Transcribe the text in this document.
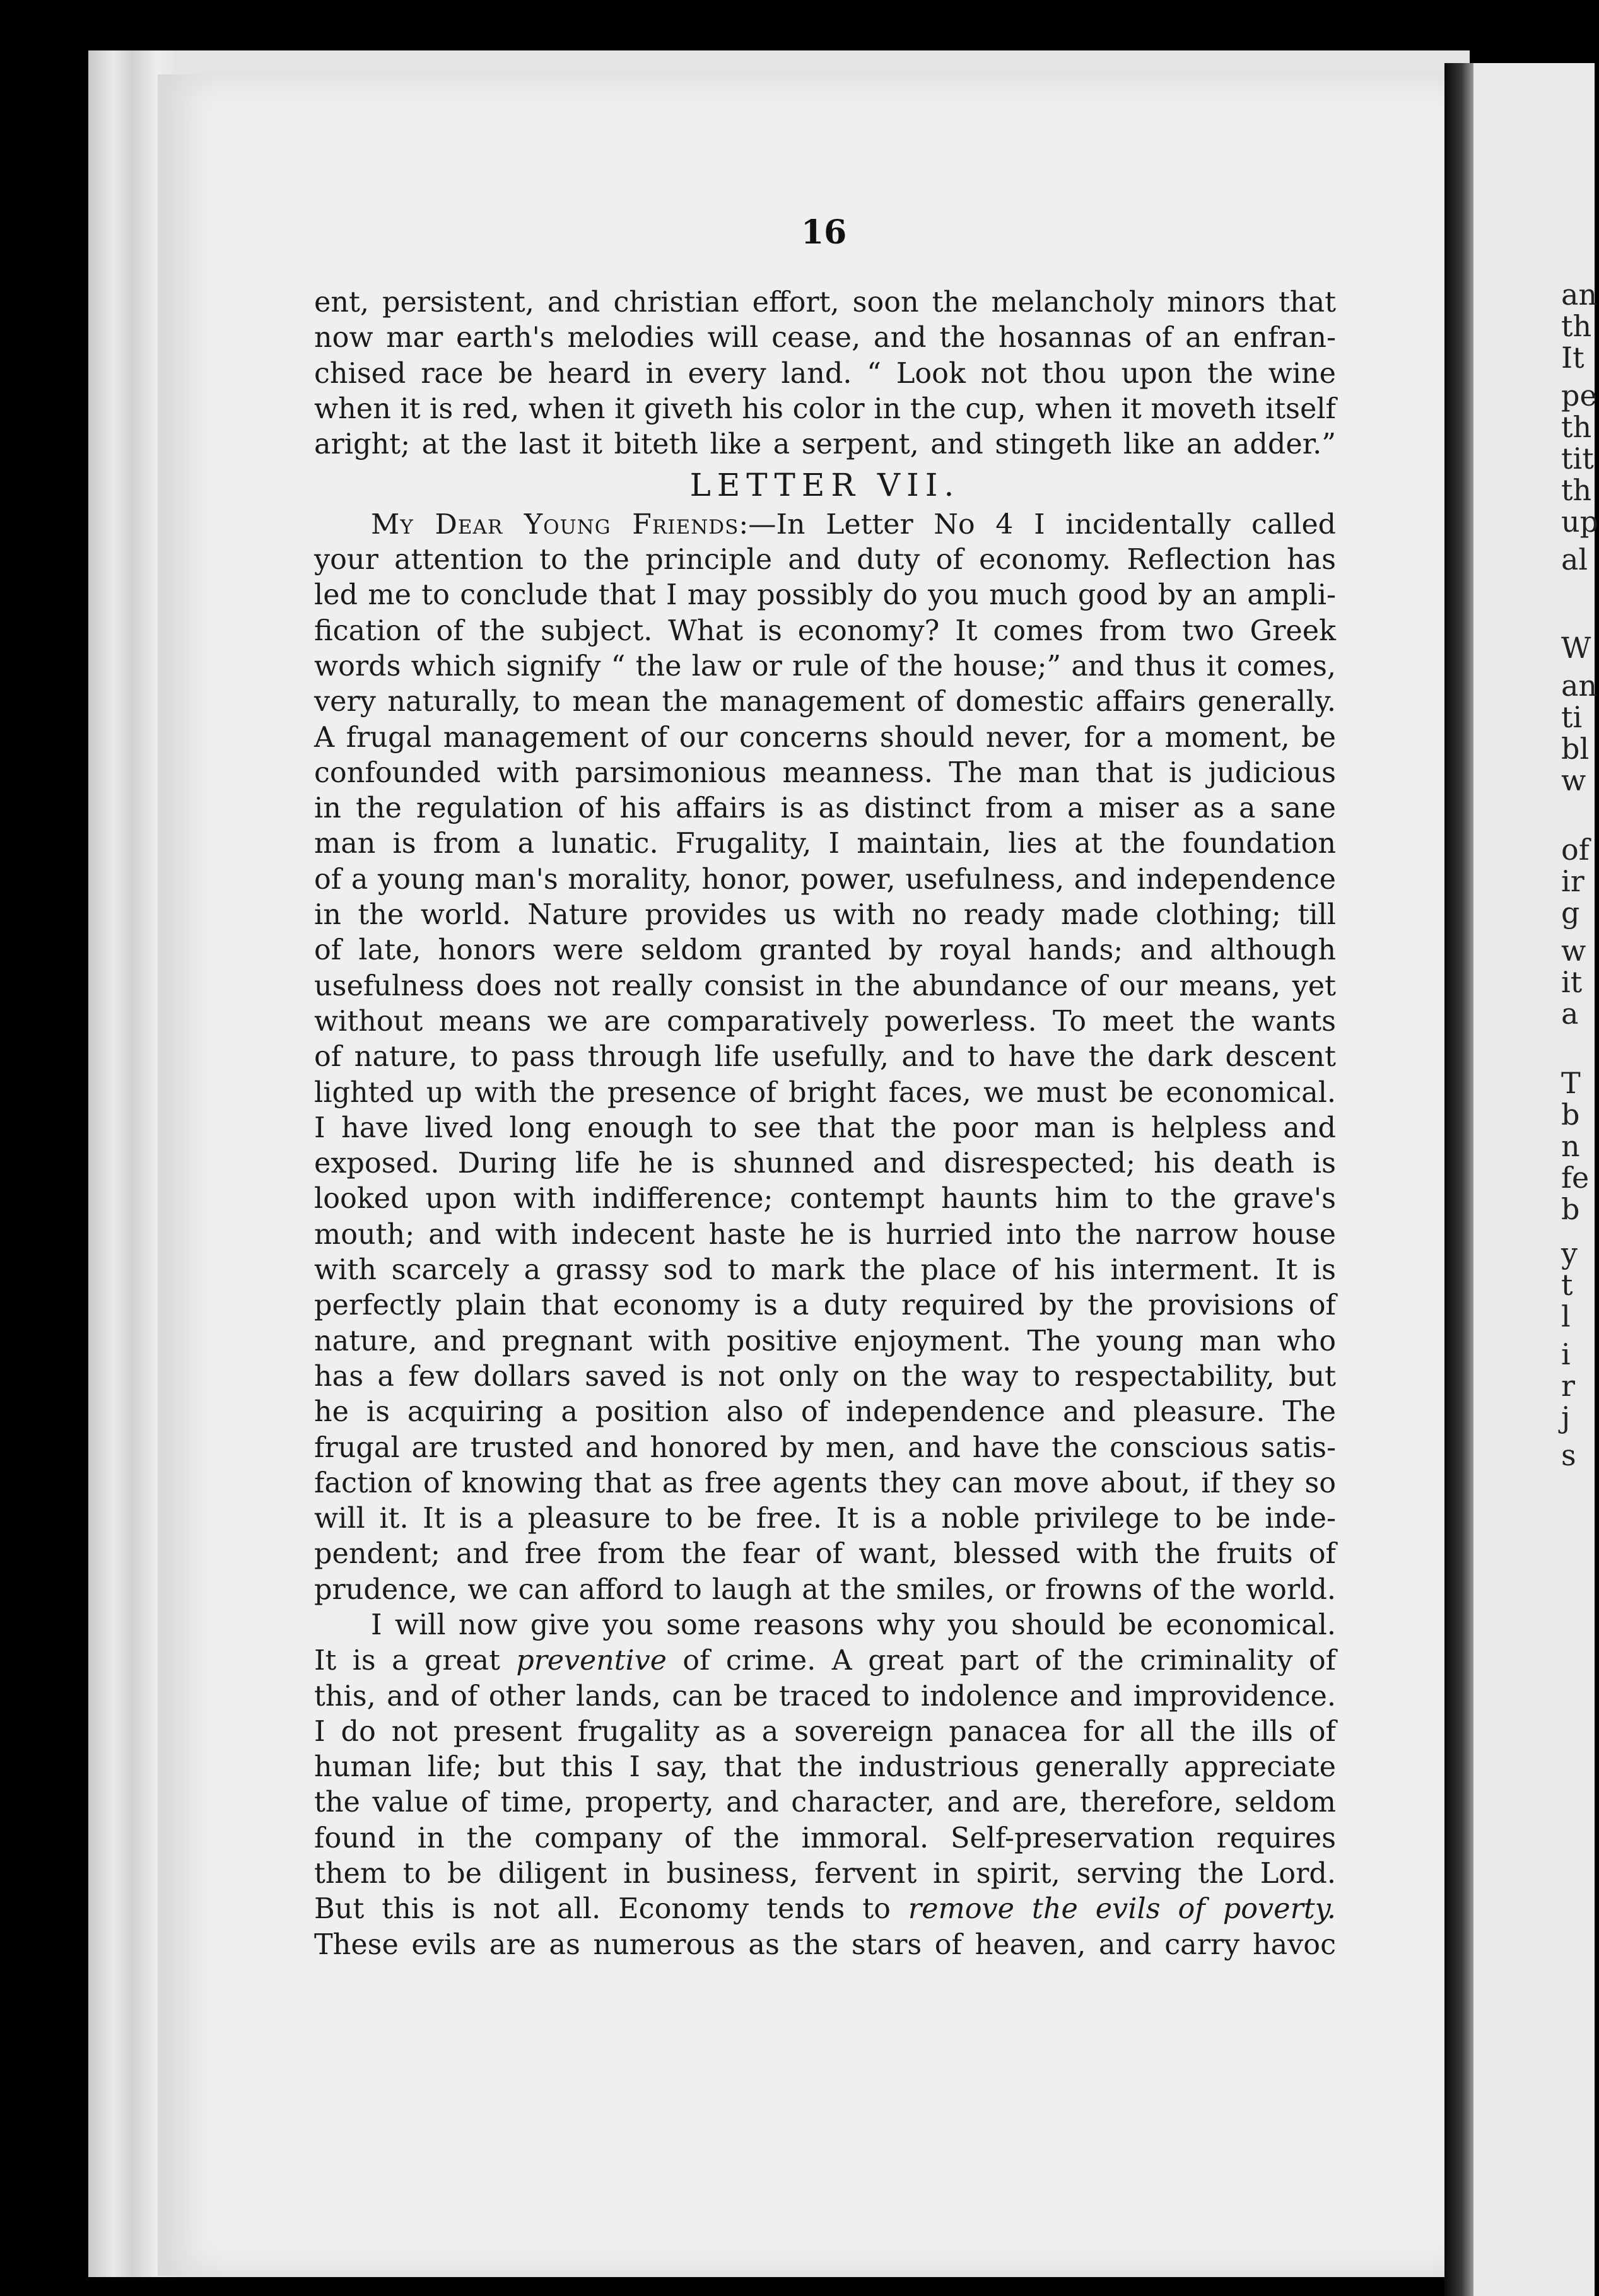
an
th
It
pe
th
tit
th
up
al
W
an
ti
bl
w
of
ir
g
w
it
a
T
b
n
fe
b
y
t
l
i
r
j
s
16
ent, persistent, and christian effort, soon the melancholy minors that
now mar earth's melodies will cease, and the hosannas of an enfran-
chised race be heard in every land. “ Look not thou upon the wine
when it is red, when it giveth his color in the cup, when it moveth itself
aright; at the last it biteth like a serpent, and stingeth like an adder.”
LETTER VII.
My Dear Young Friends:—In Letter No 4 I incidentally called
your attention to the principle and duty of economy. Reflection has
led me to conclude that I may possibly do you much good by an ampli-
fication of the subject. What is economy? It comes from two Greek
words which signify “ the law or rule of the house;” and thus it comes,
very naturally, to mean the management of domestic affairs generally.
A frugal management of our concerns should never, for a moment, be
confounded with parsimonious meanness. The man that is judicious
in the regulation of his affairs is as distinct from a miser as a sane
man is from a lunatic. Frugality, I maintain, lies at the foundation
of a young man's morality, honor, power, usefulness, and independence
in the world. Nature provides us with no ready made clothing; till
of late, honors were seldom granted by royal hands; and although
usefulness does not really consist in the abundance of our means, yet
without means we are comparatively powerless. To meet the wants
of nature, to pass through life usefully, and to have the dark descent
lighted up with the presence of bright faces, we must be economical.
I have lived long enough to see that the poor man is helpless and
exposed. During life he is shunned and disrespected; his death is
looked upon with indifference; contempt haunts him to the grave's
mouth; and with indecent haste he is hurried into the narrow house
with scarcely a grassy sod to mark the place of his interment. It is
perfectly plain that economy is a duty required by the provisions of
nature, and pregnant with positive enjoyment. The young man who
has a few dollars saved is not only on the way to respectability, but
he is acquiring a position also of independence and pleasure. The
frugal are trusted and honored by men, and have the conscious satis-
faction of knowing that as free agents they can move about, if they so
will it. It is a pleasure to be free. It is a noble privilege to be inde-
pendent; and free from the fear of want, blessed with the fruits of
prudence, we can afford to laugh at the smiles, or frowns of the world.
I will now give you some reasons why you should be economical.
It is a great preventive of crime. A great part of the criminality of
this, and of other lands, can be traced to indolence and improvidence.
I do not present frugality as a sovereign panacea for all the ills of
human life; but this I say, that the industrious generally appreciate
the value of time, property, and character, and are, therefore, seldom
found in the company of the immoral. Self-preservation requires
them to be diligent in business, fervent in spirit, serving the Lord.
But this is not all. Economy tends to remove the evils of poverty.
These evils are as numerous as the stars of heaven, and carry havoc
